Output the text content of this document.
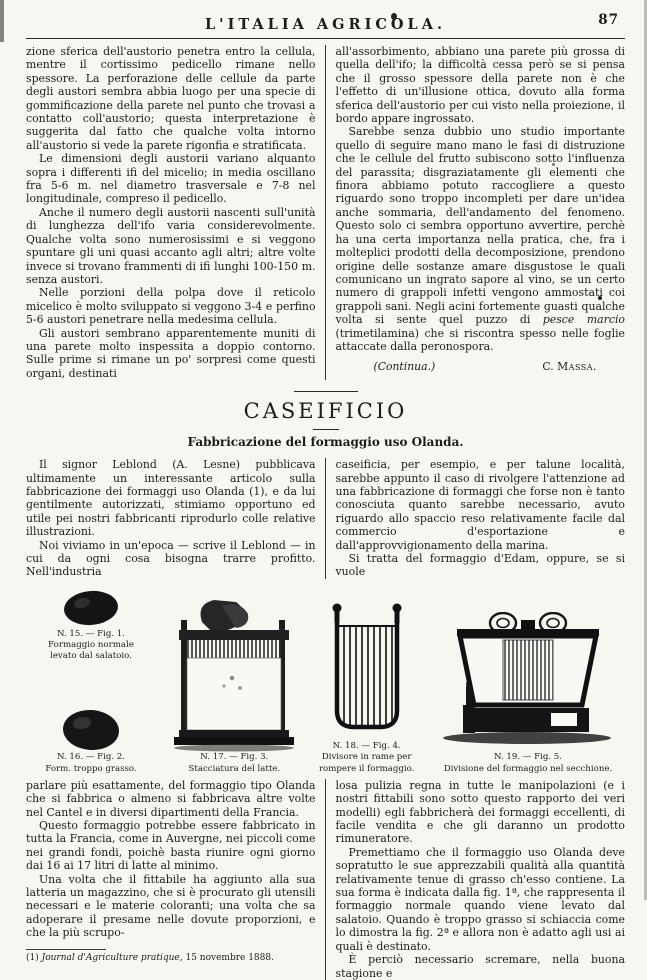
L'ITALIA AGRICOLA.	87

zione sferica dell'austorio penetra entro la cellula, mentre il cortissimo pedicello rimane nello spessore. La perforazione delle cellule da parte degli austori sembra abbia luogo per una specie di gommificazione della parete nel punto che trovasi a contatto coll'austorio; questa interpretazione è suggerita dal fatto che qualche volta intorno all'austorio si vede la parete rigonfia e stratificata.

Le dimensioni degli austorii variano alquanto sopra i differenti ifi del micelio; in media oscillano fra 5-6 m. nel diametro trasversale e 7-8 nel longitudinale, compreso il pedicello.

Anche il numero degli austorii nascenti sull'unità di lunghezza dell'ifo varia considerevolmente. Qualche volta sono numerosissimi e si veggono spuntare gli uni quasi accanto agli altri; altre volte invece si trovano frammenti di ifi lunghi 100-150 m. senza austori.

Nelle porzioni della polpa dove il reticolo micelico è molto sviluppato si veggono 3-4 e perfino 5-6 austori penetrare nella medesima cellula.

Gli austori sembrano apparentemente muniti di una parete molto inspessita a doppio contorno. Sulle prime si rimane un po' sorpresi come questi organi, destinati

all'assorbimento, abbiano una parete più grossa di quella dell'ifo; la difficoltà cessa però se si pensa che il grosso spessore della parete non è che l'effetto di un'illusione ottica, dovuto alla forma sferica dell'austorio per cui visto nella proiezione, il bordo appare ingrossato.

Sarebbe senza dubbio uno studio importante quello di seguire mano mano le fasi di distruzione che le cellule del frutto subiscono sotto l'influenza del parassita; disgraziatamente gli elementi che finora abbiamo potuto raccogliere a questo riguardo sono troppo incompleti per dare un'idea anche sommaria, dell'andamento del fenomeno. Questo solo ci sembra opportuno avvertire, perchè ha una certa importanza nella pratica, che, fra i molteplici prodotti della decomposizione, prendono origine delle sostanze amare disgustose le quali comunicano un ingrato sapore al vino, se un certo numero di grappoli infetti vengono ammostati coi grappoli sani. Negli acini fortemente guasti qualche volta si sente quel puzzo di pesce marcio (trimetilamina) che si riscontra spesso nelle foglie attaccate dalla peronospora.

(Continua.)	C. Massa.
CASEIFICIO
Fabbricazione del formaggio uso Olanda.

Il signor Leblond (A. Lesne) pubblicava ultimamente un interessante articolo sulla fabbricazione dei formaggi uso Olanda (1), e da lui gentilmente autorizzati, stimiamo opportuno ed utile pei nostri fabbricanti riprodurlo colle relative illustrazioni.

Noi viviamo in un'epoca — scrive il Leblond — in cui da ogni cosa bisogna trarre profitto. Nell'industria

caseificia, per esempio, e per talune località, sarebbe appunto il caso di rivolgere l'attenzione ad una fabbricazione di formaggi che forse non è tanto conosciuta quanto sarebbe necessario, avuto riguardo allo spaccio reso relativamente facile dal commercio d'esportazione e dall'approvvigionamento della marina.

Si tratta del formaggio d'Edam, oppure, se si vuole

N. 15. — Fig. 1.
Formaggio normale
levato dal salatoio.
N. 16. — Fig. 2.
Form. troppo grasso.
N. 17. — Fig. 3.
Stacciatura del latte.
N. 18. — Fig. 4.
Divisore in rame per
rompere il formaggio.
N. 19. — Fig. 5.
Divisione del formaggio nel secchione.

parlare più esattamente, del formaggio tipo Olanda che si fabbrica o almeno si fabbricava altre volte nel Cantel e in diversi dipartimenti della Francia.

Questo formaggio potrebbe essere fabbricato in tutta la Francia, come in Auvergne, nei piccoli come nei grandi fondi, poichè basta riunire ogni giorno dai 16 ai 17 litri di latte al minimo.

Una volta che il fittabile ha aggiunto alla sua latteria un magazzino, che si è procurato gli utensili necessari e le materie coloranti; una volta che sa adoperare il presame nelle dovute proporzioni, e che la più scrupo-

(1) Journal d'Agriculture pratique, 15 novembre 1888.

losa pulizia regna in tutte le manipolazioni (e i nostri fittabili sono sotto questo rapporto dei veri modelli) egli fabbricherà dei formaggi eccellenti, di facile vendita e che gli daranno un prodotto rimuneratore.

Premettiamo che il formaggio uso Olanda deve sopratutto le sue apprezzabili qualità alla quantità relativamente tenue di grasso ch'esso contiene. La sua forma è indicata dalla fig. 1ª, che rappresenta il formaggio normale quando viene levato dal salatoio. Quando è troppo grasso si schiaccia come lo dimostra la fig. 2ª e allora non è adatto agli usi ai quali è destinato.

È perciò necessario scremare, nella buona stagione e
